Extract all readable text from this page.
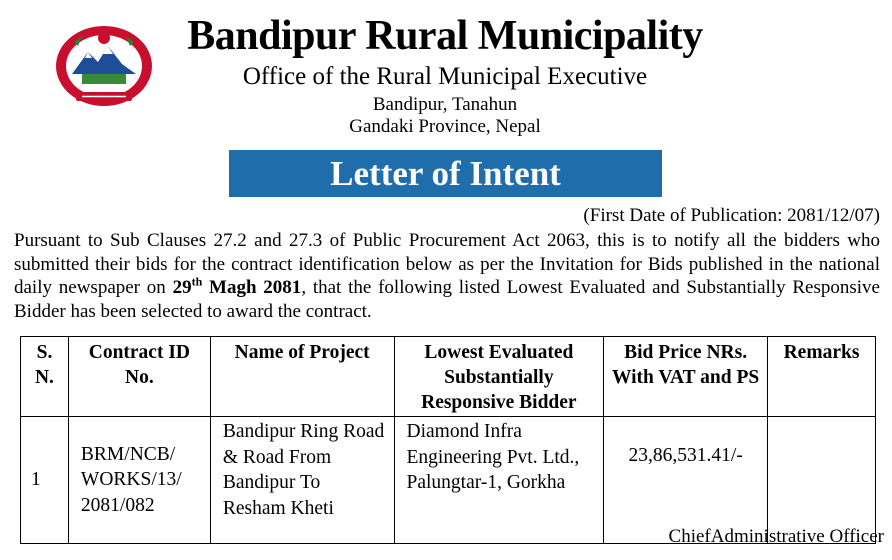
Bandipur Rural Municipality
Office of the Rural Municipal Executive
Bandipur, Tanahun
Gandaki Province, Nepal
Letter of Intent
(First Date of Publication: 2081/12/07)
Pursuant to Sub Clauses 27.2 and 27.3 of Public Procurement Act 2063, this is to notify all the bidders who submitted their bids for the contract identification below as per the Invitation for Bids published in the national daily newspaper on 29th Magh 2081, that the following listed Lowest Evaluated and Substantially Responsive Bidder has been selected to award the contract.
S. N.	Contract ID No.	Name of Project	Lowest Evaluated Substantially Responsive Bidder	Bid Price NRs. With VAT and PS	Remarks
1	BRM/NCB/ WORKS/13/ 2081/082	Bandipur Ring Road & Road From Bandipur To Resham Kheti	Diamond Infra Engineering Pvt. Ltd., Palungtar-1, Gorkha	23,86,531.41/-	
ChiefAdministrative Officer
